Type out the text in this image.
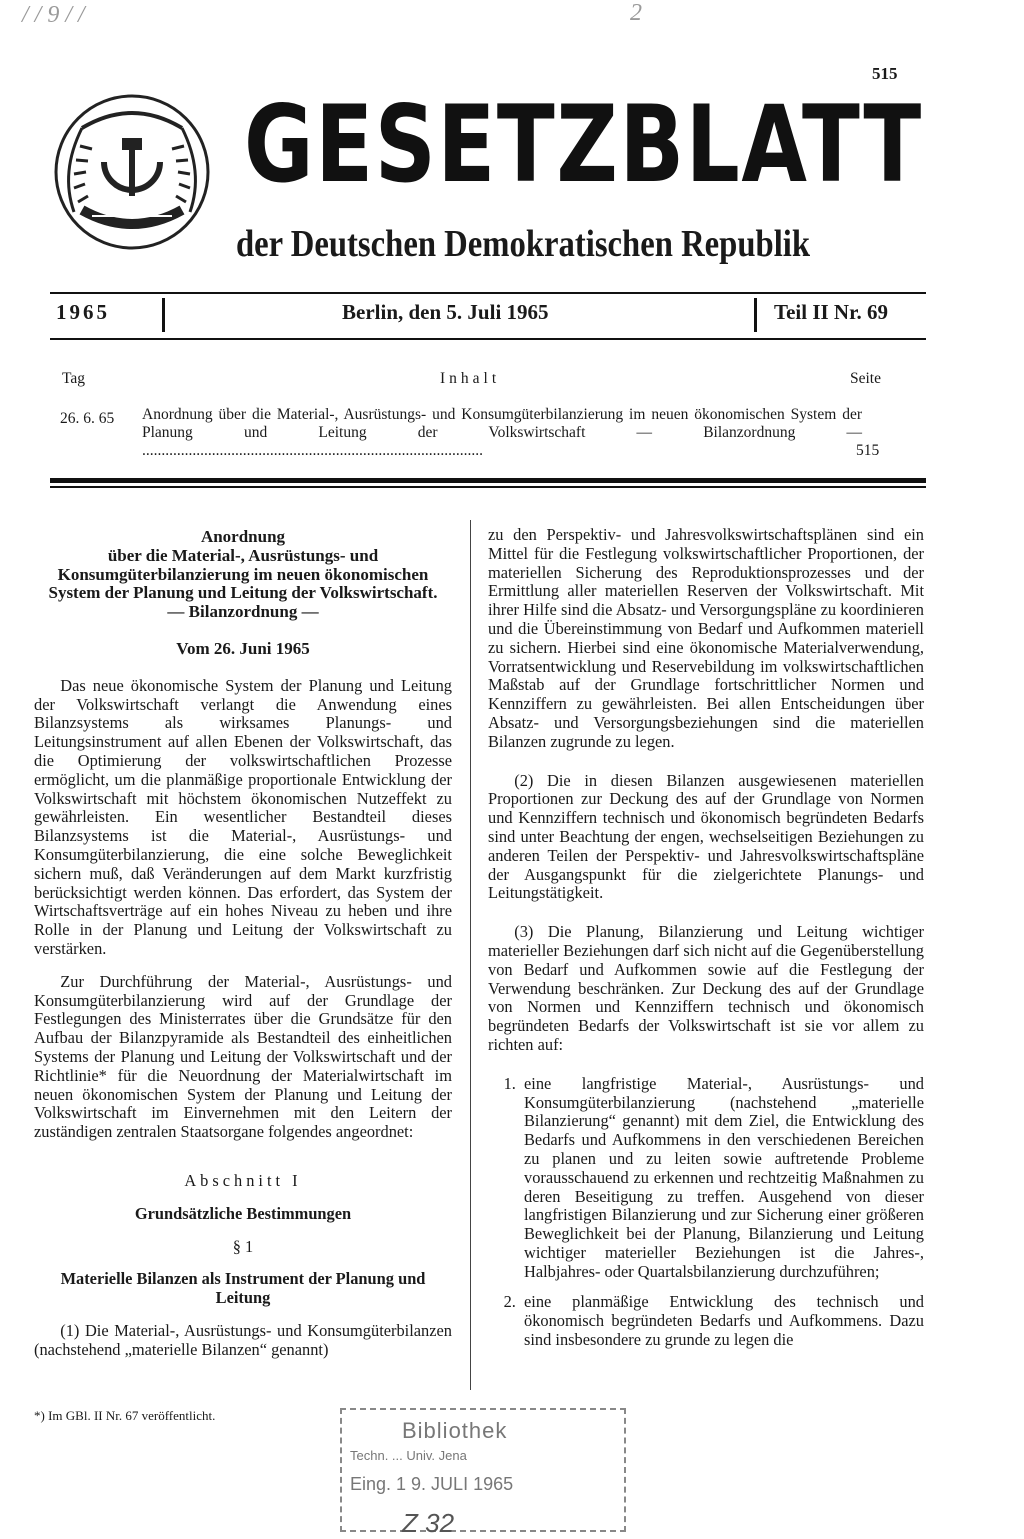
/ / 9 / /	2
515
GESETZBLATT
der Deutschen Demokratischen Republik
1965	Berlin, den 5. Juli 1965	Teil II Nr. 69
Tag	Inhalt	Seite
26. 6. 65 Anordnung über die Material-, Ausrüstungs- und Konsumgüterbilanzierung im neuen ökonomischen System der Planung und Leitung der Volkswirtschaft — Bilanzordnung — ........................................................................................	515

Anordnung

über die Material-, Ausrüstungs- und Konsumgüterbilanzierung im neuen ökonomischen System der Planung und Leitung der Volkswirtschaft.

— Bilanzordnung —

Vom 26. Juni 1965

Das neue ökonomische System der Planung und Leitung der Volkswirtschaft verlangt die Anwendung eines Bilanzsystems als wirksames Planungs- und Leitungsinstrument auf allen Ebenen der Volkswirtschaft, das die Optimierung der volkswirtschaftlichen Prozesse ermöglicht, um die planmäßige proportionale Entwicklung der Volkswirtschaft mit höchstem ökonomischen Nutzeffekt zu gewährleisten. Ein wesentlicher Bestandteil dieses Bilanzsystems ist die Material-, Ausrüstungs- und Konsumgüterbilanzierung, die eine solche Beweglichkeit sichern muß, daß Veränderungen auf dem Markt kurzfristig berücksichtigt werden können. Das erfordert, das System der Wirtschaftsverträge auf ein hohes Niveau zu heben und ihre Rolle in der Planung und Leitung der Volkswirtschaft zu verstärken.

Zur Durchführung der Material-, Ausrüstungs- und Konsumgüterbilanzierung wird auf der Grundlage der Festlegungen des Ministerrates über die Grundsätze für den Aufbau der Bilanzpyramide als Bestandteil des einheitlichen Systems der Planung und Leitung der Volkswirtschaft und der Richtlinie* für die Neuordnung der Materialwirtschaft im neuen ökonomischen System der Planung und Leitung der Volkswirtschaft im Einvernehmen mit den Leitern der zuständigen zentralen Staatsorgane folgendes angeordnet:

Abschnitt I

Grundsätzliche Bestimmungen

§ 1

Materielle Bilanzen als Instrument der Planung und Leitung

(1) Die Material-, Ausrüstungs- und Konsumgüterbilanzen (nachstehend „materielle Bilanzen“ genannt)

zu den Perspektiv- und Jahresvolkswirtschaftsplänen sind ein Mittel für die Festlegung volkswirtschaftlicher Proportionen, der materiellen Sicherung des Reproduktionsprozesses und der Ermittlung aller materiellen Reserven der Volkswirtschaft. Mit ihrer Hilfe sind die Absatz- und Versorgungspläne zu koordinieren und die Übereinstimmung von Bedarf und Aufkommen materiell zu sichern. Hierbei sind eine ökonomische Materialverwendung, Vorratsentwicklung und Reservebildung im volkswirtschaftlichen Maßstab auf der Grundlage fortschrittlicher Normen und Kennziffern zu gewährleisten. Bei allen Entscheidungen über Absatz- und Versorgungsbeziehungen sind die materiellen Bilanzen zugrunde zu legen.

(2) Die in diesen Bilanzen ausgewiesenen materiellen Proportionen zur Deckung des auf der Grundlage von Normen und Kennziffern technisch und ökonomisch begründeten Bedarfs sind unter Beachtung der engen, wechselseitigen Beziehungen zu anderen Teilen der Perspektiv- und Jahresvolkswirtschaftspläne der Ausgangspunkt für die zielgerichtete Planungs- und Leitungstätigkeit.

(3) Die Planung, Bilanzierung und Leitung wichtiger materieller Beziehungen darf sich nicht auf die Gegenüberstellung von Bedarf und Aufkommen sowie auf die Festlegung der Verwendung beschränken. Zur Deckung des auf der Grundlage von Normen und Kennziffern technisch und ökonomisch begründeten Bedarfs der Volkswirtschaft ist sie vor allem zu richten auf:

1. eine langfristige Material-, Ausrüstungs- und Konsumgüterbilanzierung (nachstehend „materielle Bilanzierung“ genannt) mit dem Ziel, die Entwicklung des Bedarfs und Aufkommens in den verschiedenen Bereichen zu planen und zu leiten sowie auftretende Probleme vorausschauend zu erkennen und rechtzeitig Maßnahmen zu deren Beseitigung zu treffen. Ausgehend von dieser langfristigen Bilanzierung und zur Sicherung einer größeren Beweglichkeit bei der Planung, Bilanzierung und Leitung wichtiger materieller Beziehungen ist die Jahres-, Halbjahres- oder Quartalsbilanzierung durchzuführen;
2. eine planmäßige Entwicklung des technisch und ökonomisch begründeten Bedarfs und Aufkommens. Dazu sind insbesondere zu grunde zu legen die
*) Im GBl. II Nr. 67 veröffentlicht.
Bibliothek
Techn. ... Univ. Jena
Eing. 1 9. JULI 1965
Z 32
